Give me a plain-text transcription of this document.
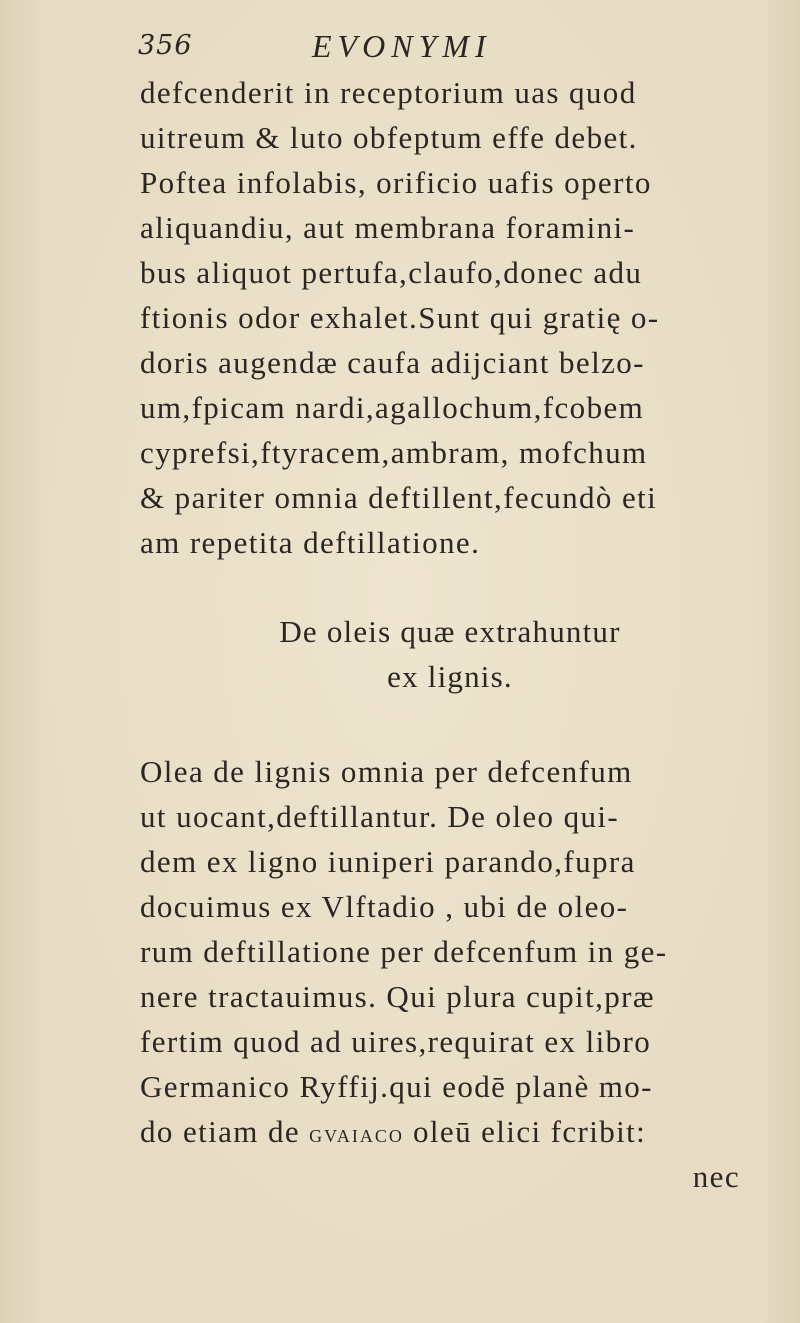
356	EVONYMI
defcenderit in receptorium uas quod
uitreum & luto obfeptum effe debet.
Poftea infolabis, orificio uafis operto
aliquandiu, aut membrana foramini-
bus aliquot pertufa,claufo,donec adu
ftionis odor exhalet.Sunt qui gratię o-
doris augendæ caufa adijciant belzo-
um,fpicam nardi,agallochum,fcobem
cyprefsi,ftyracem,ambram, mofchum
& pariter omnia deftillent,fecundò eti
am repetita deftillatione.
De oleis quæ extrahuntur
ex lignis.
Olea de lignis omnia per defcenfum
ut uocant,deftillantur. De oleo qui-
dem ex ligno iuniperi parando,fupra
docuimus ex Vlftadio , ubi de oleo-
rum deftillatione per defcenfum in ge-
nere tractauimus. Qui plura cupit,præ
fertim quod ad uires,requirat ex libro
Germanico Ryffij.qui eodē planè mo-
do etiam de gvaiaco oleū elici fcribit:
nec
